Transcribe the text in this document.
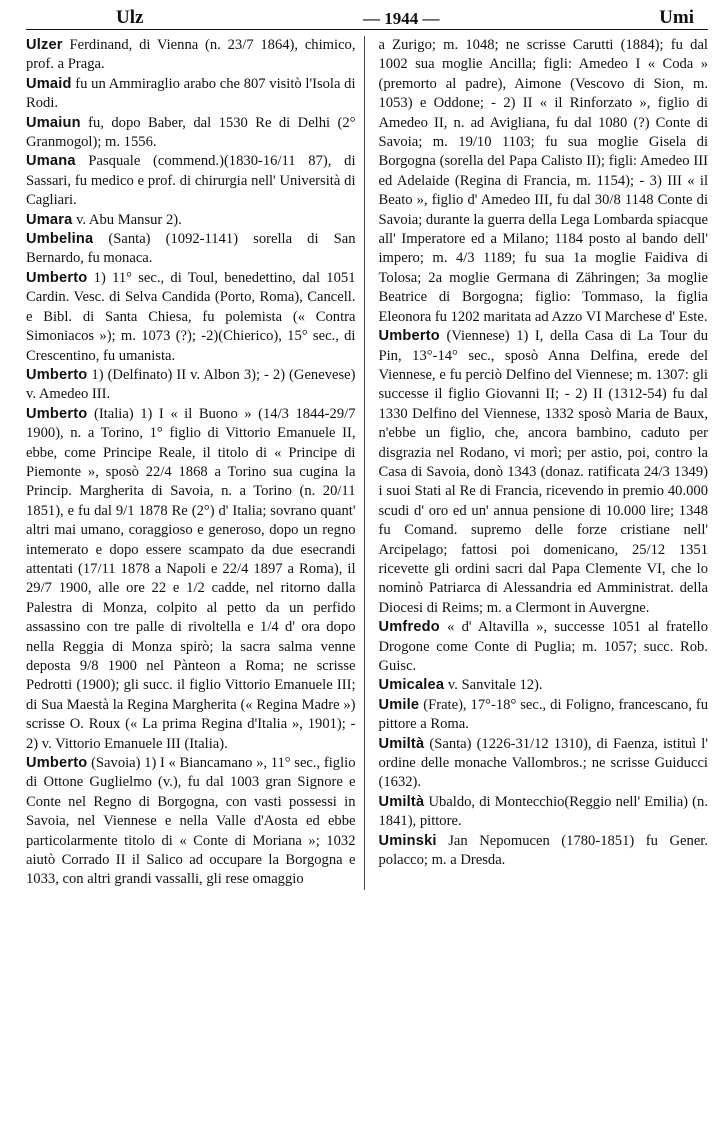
Ulz	— 1944 —	Umi

Ulzer Ferdinand, di Vienna (n. 23/7 1864), chimico, prof. a Praga.

Umaid fu un Ammiraglio arabo che 807 visitò l'Isola di Rodi.

Umaiun fu, dopo Baber, dal 1530 Re di Delhi (2° Granmogol); m. 1556.

Umana Pasquale (commend.)(1830-16/11 87), di Sassari, fu medico e prof. di chirurgia nell' Università di Cagliari.

Umara v. Abu Mansur 2).

Umbelina (Santa) (1092-1141) sorella di San Bernardo, fu monaca.

Umberto 1) 11° sec., di Toul, benedettino, dal 1051 Cardin. Vesc. di Selva Candida (Porto, Roma), Cancell. e Bibl. di Santa Chiesa, fu polemista (« Contra Simoniacos »); m. 1073 (?); -2)(Chierico), 15° sec., di Crescentino, fu umanista.

Umberto 1) (Delfinato) II v. Albon 3); - 2) (Genevese) v. Amedeo III.

Umberto (Italia) 1) I « il Buono » (14/3 1844-29/7 1900), n. a Torino, 1° figlio di Vittorio Emanuele II, ebbe, come Principe Reale, il titolo di « Principe di Piemonte », sposò 22/4 1868 a Torino sua cugina la Princip. Margherita di Savoia, n. a Torino (n. 20/11 1851), e fu dal 9/1 1878 Re (2°) d' Italia; sovrano quant' altri mai umano, coraggioso e generoso, dopo un regno intemerato e dopo essere scampato da due esecrandi attentati (17/11 1878 a Napoli e 22/4 1897 a Roma), il 29/7 1900, alle ore 22 e 1/2 cadde, nel ritorno dalla Palestra di Monza, colpito al petto da un perfido assassino con tre palle di rivoltella e 1/4 d' ora dopo nella Reggia di Monza spirò; la sacra salma venne deposta 9/8 1900 nel Pànteon a Roma; ne scrisse Pedrotti (1900); gli succ. il figlio Vittorio Emanuele III; di Sua Maestà la Regina Margherita (« Regina Madre ») scrisse O. Roux (« La prima Regina d'Italia », 1901); - 2) v. Vittorio Emanuele III (Italia).

Umberto (Savoia) 1) I « Biancamano », 11° sec., figlio di Ottone Guglielmo (v.), fu dal 1003 gran Signore e Conte nel Regno di Borgogna, con vasti possessi in Savoia, nel Viennese e nella Valle d'Aosta ed ebbe particolarmente titolo di « Conte di Moriana »; 1032 aiutò Corrado II il Salico ad occupare la Borgogna e 1033, con altri grandi vassalli, gli rese omaggio

a Zurigo; m. 1048; ne scrisse Carutti (1884); fu dal 1002 sua moglie Ancilla; figli: Amedeo I « Coda » (premorto al padre), Aimone (Vescovo di Sion, m. 1053) e Oddone; - 2) II « il Rinforzato », figlio di Amedeo II, n. ad Avigliana, fu dal 1080 (?) Conte di Savoia; m. 19/10 1103; fu sua moglie Gisela di Borgogna (sorella del Papa Calisto II); figli: Amedeo III ed Adelaide (Regina di Francia, m. 1154); - 3) III « il Beato », figlio d' Amedeo III, fu dal 30/8 1148 Conte di Savoia; durante la guerra della Lega Lombarda spiacque all' Imperatore ed a Milano; 1184 posto al bando dell' impero; m. 4/3 1189; fu sua 1a moglie Faidiva di Tolosa; 2a moglie Germana di Zähringen; 3a moglie Beatrice di Borgogna; figlio: Tommaso, la figlia Eleonora fu 1202 maritata ad Azzo VI Marchese d' Este.

Umberto (Viennese) 1) I, della Casa di La Tour du Pin, 13°-14° sec., sposò Anna Delfina, erede del Viennese, e fu perciò Delfino del Viennese; m. 1307: gli successe il figlio Giovanni II; - 2) II (1312-54) fu dal 1330 Delfino del Viennese, 1332 sposò Maria de Baux, n'ebbe un figlio, che, ancora bambino, caduto per disgrazia nel Rodano, vi morì; per astio, poi, contro la Casa di Savoia, donò 1343 (donaz. ratificata 24/3 1349) i suoi Stati al Re di Francia, ricevendo in premio 40.000 scudi d' oro ed un' annua pensione di 10.000 lire; 1348 fu Comand. supremo delle forze cristiane nell' Arcipelago; fattosi poi domenicano, 25/12 1351 ricevette gli ordini sacri dal Papa Clemente VI, che lo nominò Patriarca di Alessandria ed Amministrat. della Diocesi di Reims; m. a Clermont in Auvergne.

Umfredo « d' Altavilla », successe 1051 al fratello Drogone come Conte di Puglia; m. 1057; succ. Rob. Guisc.

Umicalea v. Sanvitale 12).

Umile (Frate), 17°-18° sec., di Foligno, francescano, fu pittore a Roma.

Umiltà (Santa) (1226-31/12 1310), di Faenza, istituì l' ordine delle monache Vallombros.; ne scrisse Guiducci (1632).

Umiltà Ubaldo, di Montecchio(Reggio nell' Emilia) (n. 1841), pittore.

Uminski Jan Nepomucen (1780-1851) fu Gener. polacco; m. a Dresda.
